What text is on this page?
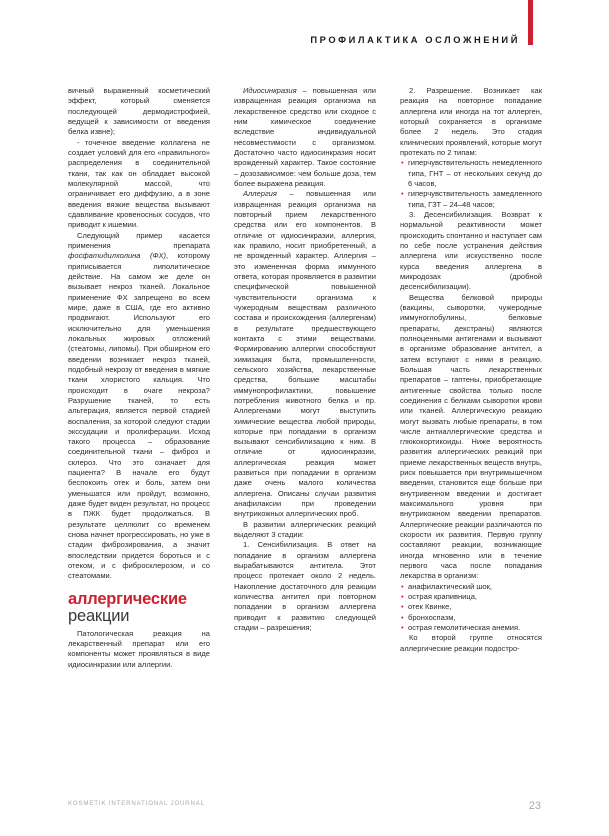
ПРОФИЛАКТИКА ОСЛОЖНЕНИЙ

вичный выраженный косметический эффект, который сменяется последующей дермодистрофией, ведущей к зависимости от введения белка извне);

- точечное введение коллагена не создает условий для его «правильного» распределения в соединительной ткани, так как он обладает высокой молекулярной массой, что ограничивает его диффузию, а в зоне введения вязкие вещества вызывают сдавливание кровеносных сосудов, что приводит к ишемии.

Следующий пример касается применения препарата фосфатидилхолина (ФХ), которому приписывается липолитическое действие. На самом же деле он вызывает некроз тканей. Локальное применение ФХ запрещено во всем мире, даже в США, где его активно продвигают. Используют его исключительно для уменьшения локальных жировых отложений (стеатомы, липомы). При обширном его введении возникает некроз тканей, подобный некрозу от введения в мягкие ткани хлористого кальция. Что происходит в очаге некроза? Разрушение тканей, то есть альтерация, является первой стадией воспаления, за которой следуют стадии экссудации и пролиферации. Исход такого процесса – образование соединительной ткани – фиброз и склероз. Что это означает для пациента? В начале его будут беспокоить отек и боль, затем они уменьшатся или пройдут, возможно, даже будет виден результат, но процесс в ПЖК будет продолжаться. В результате целлюлит со временем снова начнет прогрессировать, но уже в стадии фиброзирования, а значит впоследствии придется бороться и с отеком, и с фибросклерозом, и со стеатомами.

аллергические
реакции

Патологическая реакция на лекарственный препарат или его компоненты может проявляться в виде идиосинкразии или аллергии.

Идиосинкразия – повышенная или извращенная реакция организма на лекарственное средство или сходное с ним химическое соединение вследствие индивидуальной несовместимости с организмом. Достаточно часто идиосинкразия носит врожденный характер. Такое состояние – дозозависимое: чем больше доза, тем более выражена реакция.

Аллергия – повышенная или извращенная реакция организма на повторный прием лекарственного средства или его компонентов. В отличие от идиосинкразии, аллергия, как правило, носит приобретенный, а не врожденный характер. Аллергия – это измененная форма иммунного ответа, которая проявляется в развитии специфической повышенной чувствительности организма к чужеродным веществам различного состава и происхождения (аллергенам) в результате предшествующего контакта с этими веществами. Формированию аллергии способствуют химизация быта, промышленности, сельского хозяйства, лекарственные средства, большие масштабы иммунопрофилактики, повышение потребления животного белка и пр. Аллергенами могут выступить химические вещества любой природы, которые при попадании в организм вызывают сенсибилизацию к ним. В отличие от идиосинкразии, аллергическая реакция может развиться при попадании в организм даже очень малого количества аллергена. Описаны случаи развития анафилаксии при проведении внутрикожных аллергических проб.

В развитии аллергических реакций выделяют 3 стадии:

1. Сенсибилизация. В ответ на попадание в организм аллергена вырабатываются антитела. Этот процесс протекает около 2 недель. Накопление достаточного для реакции количества антител при повторном попадании в организм аллергена приводит к развитию следующей стадии – разрешения;

2. Разрешение. Возникает как реакция на повторное попадание аллергена или иногда на тот аллерген, который сохраняется в организме более 2 недель. Это стадия клинических проявлений, которые могут протекать по 2 типам:

• гиперчувствительность немедленного типа, ГНТ – от нескольких секунд до 6 часов,

• гиперчувствительность замедленного типа, ГЗТ – 24–48 часов;

3. Десенсибилизация. Возврат к нормальной реактивности может происходить спонтанно и наступает сам по себе после устранения действия аллергена или искусственно после курса введения аллергена в микродозах (дробной десенсибилизации).

Вещества белковой природы (вакцины, сыворотки, чужеродные иммуноглобулины, белковые препараты, декстраны) являются полноценными антигенами и вызывают в организме образование антител, а затем вступают с ними в реакцию. Большая часть лекарственных препаратов – гаптены, приобретающие антигенные свойства только после соединения с белками сыворотки крови или тканей. Аллергическую реакцию могут вызвать любые препараты, в том числе антиаллергические средства и глюкокортикоиды. Ниже вероятность развития аллергических реакций при приеме лекарственных веществ внутрь, риск повышается при внутримышечном введении, становится еще больше при внутривенном введении и достигает максимального уровня при внутрикожном введении препаратов. Аллергические реакции различаются по скорости их развития. Первую группу составляют реакции, возникающие иногда мгновенно или в течение первого часа после попадания лекарства в организм:

• анафилактический шок,

• острая крапивница,

• отек Квинке,

• бронхоспазм,

• острая гемолитическая анемия.

Ко второй группе относятся аллергические реакции подостро-

KOSMETIK INTERNATIONAL JOURNAL	23
